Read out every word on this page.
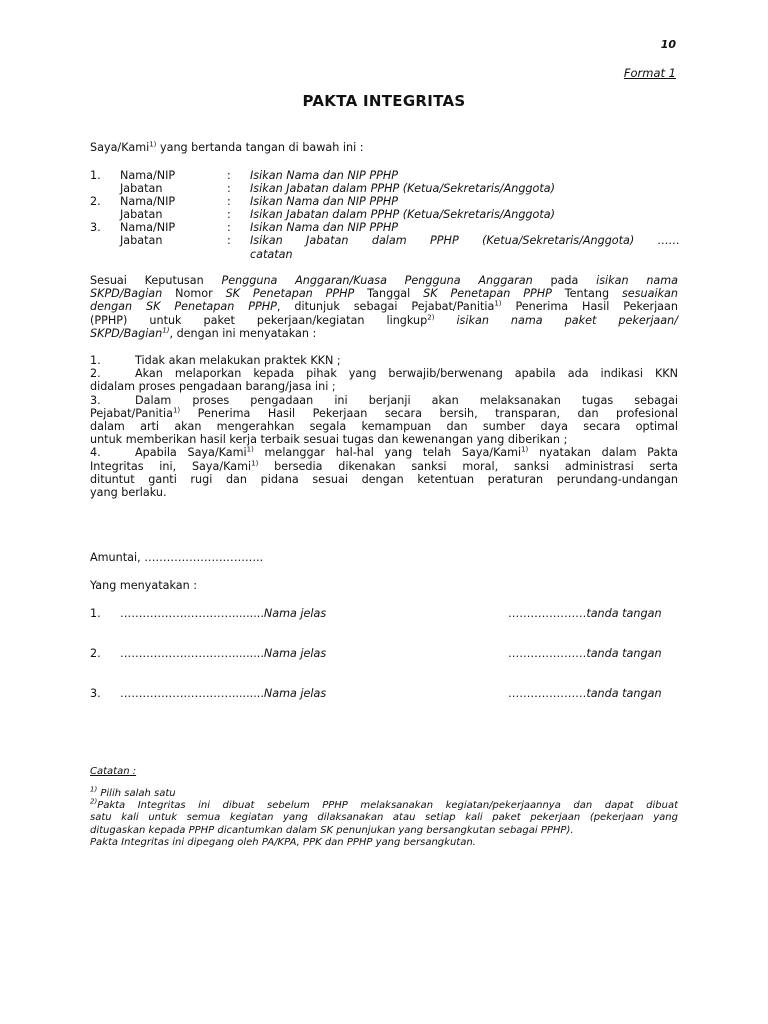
10
Format 1
PAKTA INTEGRITAS
Saya/Kami$^{1)}$ yang bertanda tangan di bawah ini :
1. Nama/NIP	: Isikan Nama dan NIP PPHP
Jabatan	: Isikan Jabatan dalam PPHP (Ketua/Sekretaris/Anggota)
2. Nama/NIP	: Isikan Nama dan NIP PPHP
Jabatan	: Isikan Jabatan dalam PPHP (Ketua/Sekretaris/Anggota)
3. Nama/NIP	: Isikan Nama dan NIP PPHP
Jabatan	: Isikan Jabatan dalam PPHP (Ketua/Sekretaris/Anggota) ……
catatan
Sesuai Keputusan Pengguna Anggaran/Kuasa Pengguna Anggaran pada isikan nama
SKPD/Bagian Nomor SK Penetapan PPHP Tanggal SK Penetapan PPHP Tentang sesuaikan
dengan SK Penetapan PPHP, ditunjuk sebagai Pejabat/Panitia$^{1)}$ Penerima Hasil Pekerjaan
(PPHP) untuk paket pekerjaan/kegiatan lingkup$^{2)}$ isikan nama paket pekerjaan/
SKPD/Bagian$^{1)}$, dengan ini menyatakan :
1.	Tidak akan melakukan praktek KKN ;
2.	Akan melaporkan kepada pihak yang berwajib/berwenang apabila ada indikasi KKN
didalam proses pengadaan barang/jasa ini ;
3.	Dalam proses pengadaan ini berjanji akan melaksanakan tugas sebagai
Pejabat/Panitia$^{1)}$ Penerima Hasil Pekerjaan secara bersih, transparan, dan profesional
dalam arti akan mengerahkan segala kemampuan dan sumber daya secara optimal
untuk memberikan hasil kerja terbaik sesuai tugas dan kewenangan yang diberikan ;
4.	Apabila Saya/Kami$^{1)}$ melanggar hal-hal yang telah Saya/Kami$^{1)}$ nyatakan dalam Pakta
Integritas ini, Saya/Kami$^{1)}$ bersedia dikenakan sanksi moral, sanksi administrasi serta
dituntut ganti rugi dan pidana sesuai dengan ketentuan peraturan perundang-undangan
yang berlaku.
Amuntai, …………………………..
Yang menyatakan :
1. ………………………….........Nama jelas	…………………tanda tangan
2. ………………………….........Nama jelas	…………………tanda tangan
3. ………………………….........Nama jelas	…………………tanda tangan
Catatan :
$^{1)}$ Pilih salah satu
$^{2)}$Pakta Integritas ini dibuat sebelum PPHP melaksanakan kegiatan/pekerjaannya dan dapat dibuat
satu kali untuk semua kegiatan yang dilaksanakan atau setiap kali paket pekerjaan (pekerjaan yang
ditugaskan kepada PPHP dicantumkan dalam SK penunjukan yang bersangkutan sebagai PPHP).
Pakta Integritas ini dipegang oleh PA/KPA, PPK dan PPHP yang bersangkutan.
